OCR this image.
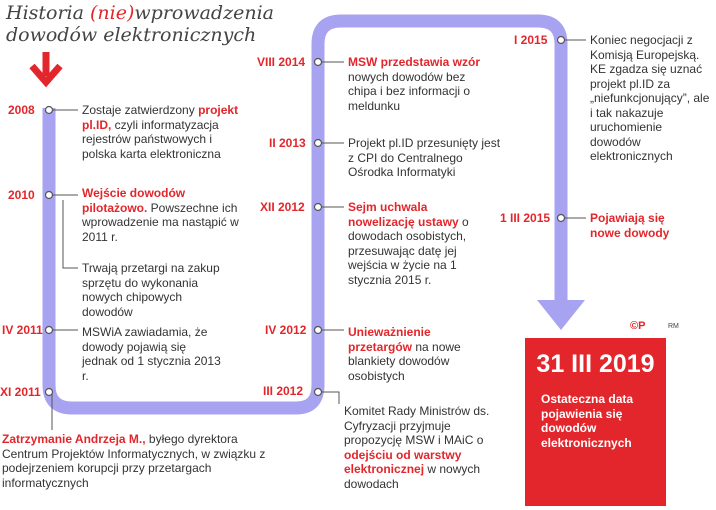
Historia (nie)wprowadzenia
dowodów elektronicznych
2008
2010
IV 2011
XI 2011
Zostaje zatwierdzony projekt pl.ID, czyli informatyzacja rejestrów państwowych i polska karta elektroniczna
Wejście dowodów pilotażowo. Powszechne ich wprowadzenie ma nastąpić w 2011 r.
Trwają przetargi na zakup sprzętu do wykonania nowych chipowych dowodów
MSWiA zawiadamia, że dowody pojawią się jednak od 1 stycznia 2013 r.
Zatrzymanie Andrzeja M., byłego dyrektora Centrum Projektów Informatycznych, w związku z podejrzeniem korupcji przy przetargach informatycznych
VIII 2014
II 2013
XII 2012
IV 2012
III 2012
MSW przedstawia wzór nowych dowodów bez chipa i bez informacji o meldunku
Projekt pl.ID przesunięty jest z CPI do Centralnego Ośrodka Informatyki
Sejm uchwala nowelizację ustawy o dowodach osobistych, przesuwając datę jej wejścia w życie na 1 stycznia 2015 r.
Unieważnienie przetargów na nowe blankiety dowodów osobistych
Komitet Rady Ministrów ds. Cyfryzacji przyjmuje propozycję MSW i MAiC o odejściu od warstwy elektronicznej w nowych dowodach
I 2015
1 III 2015
Koniec negocjacji z Komisją Europejską. KE zgadza się uznać projekt pl.ID za „niefunkcjonujący”, ale i tak nakazuje uruchomienie dowodów elektronicznych
Pojawiają się nowe dowody
©P	RM
31 III 2019
Ostateczna data pojawienia się dowodów elektronicznych
